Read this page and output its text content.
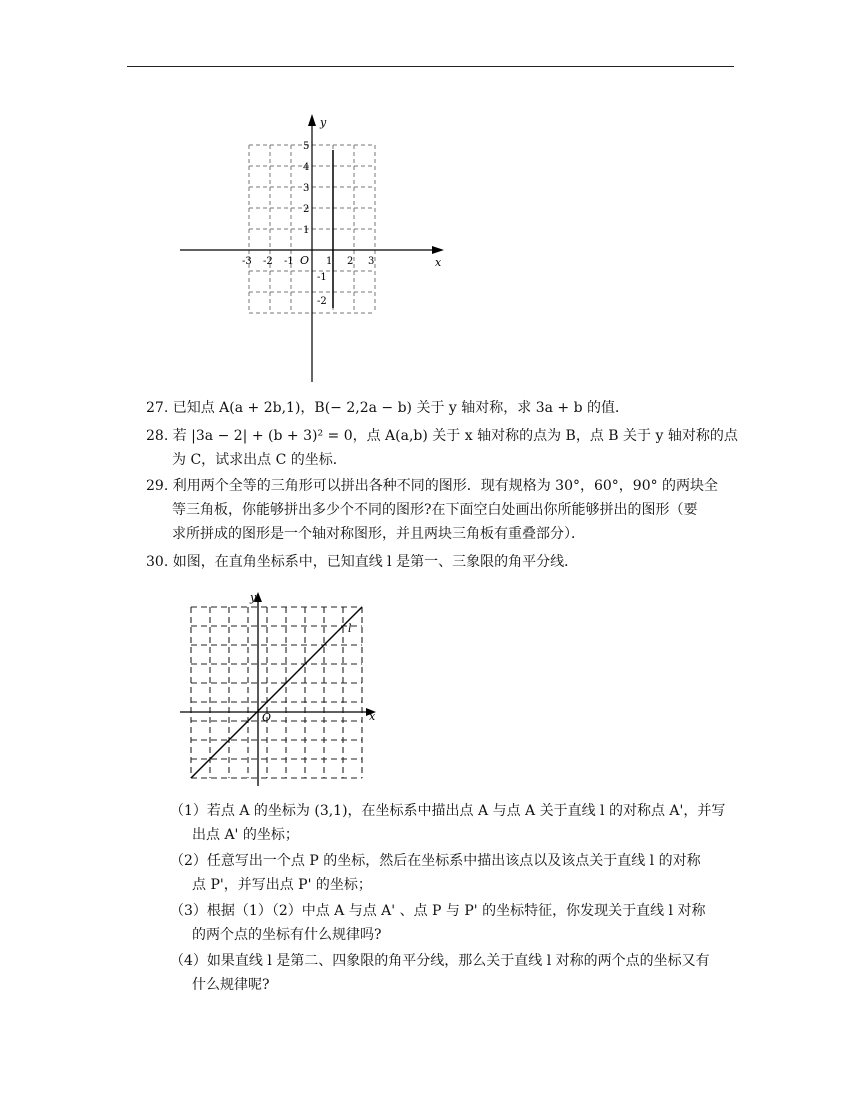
x
y
O
-3 -2 -1	1 2 3
5
4
3
2
1
-1
-2
27. 已知点 A(a + 2b,1)，B(− 2,2a − b) 关于 y 轴对称，求 3a + b 的值．
28. 若 |3a − 2| + (b + 3)² = 0，点 A(a,b) 关于 x 轴对称的点为 B，点 B 关于 y 轴对称的点
为 C，试求出点 C 的坐标．
29. 利用两个全等的三角形可以拼出各种不同的图形．现有规格为 30°，60°，90° 的两块全
等三角板，你能够拼出多少个不同的图形?在下面空白处画出你所能够拼出的图形（要
求所拼成的图形是一个轴对称图形，并且两块三角板有重叠部分）．
30. 如图，在直角坐标系中，已知直线 l 是第一、三象限的角平分线．
x
y
O
l
（1）若点 A 的坐标为 (3,1)，在坐标系中描出点 A 与点 A 关于直线 l 的对称点 A'，并写
出点 A' 的坐标；
（2）任意写出一个点 P 的坐标，然后在坐标系中描出该点以及该点关于直线 l 的对称
点 P'，并写出点 P' 的坐标；
（3）根据（1）（2）中点 A 与点 A' 、点 P 与 P' 的坐标特征，你发现关于直线 l 对称
的两个点的坐标有什么规律吗?
（4）如果直线 l 是第二、四象限的角平分线，那么关于直线 l 对称的两个点的坐标又有
什么规律呢?
